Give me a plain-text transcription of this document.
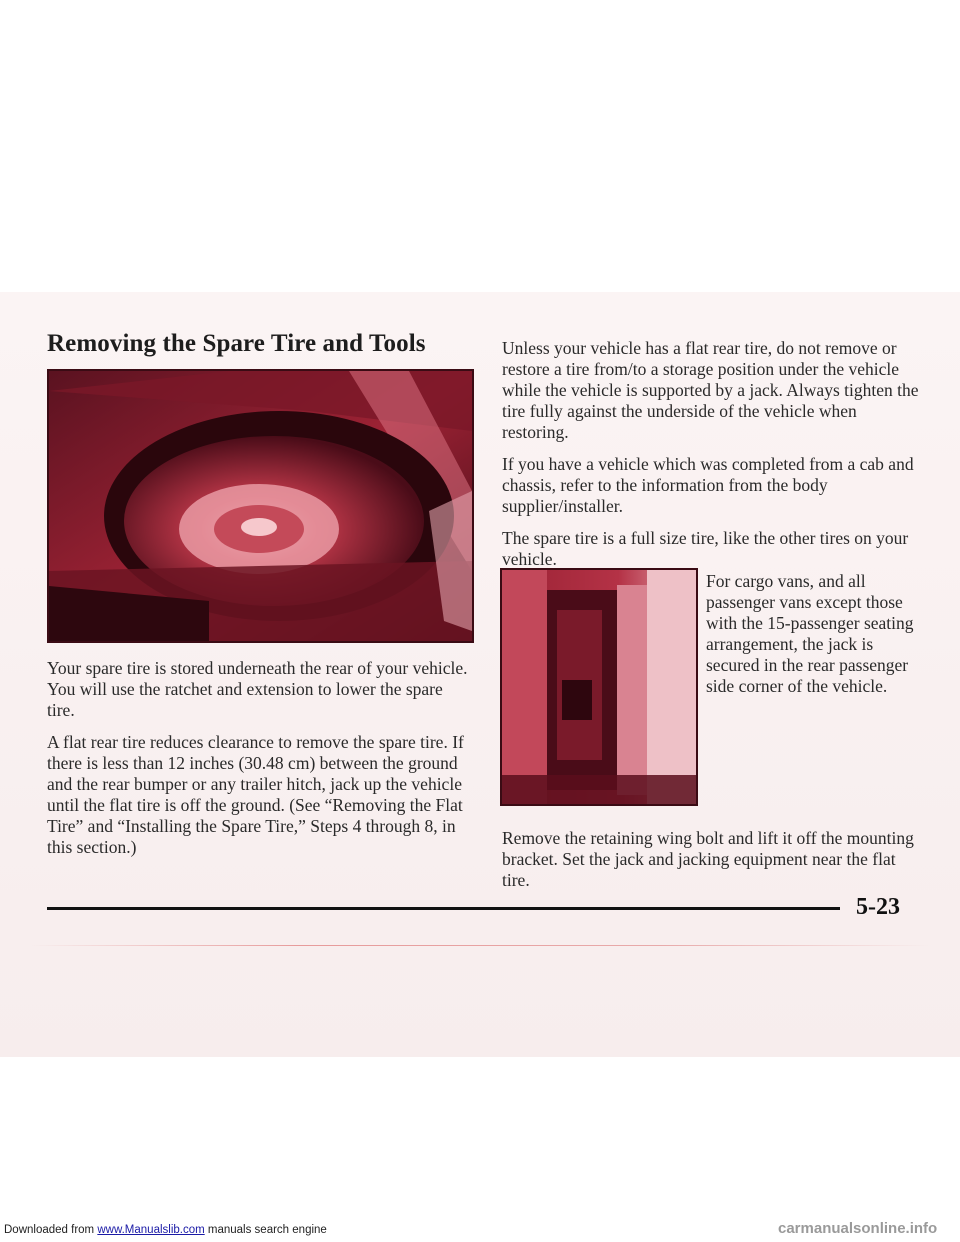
Removing the Spare Tire and Tools

Your spare tire is stored underneath the rear of your vehicle. You will use the ratchet and extension to lower the spare tire.

A flat rear tire reduces clearance to remove the spare tire. If there is less than 12 inches (30.48 cm) between the ground and the rear bumper or any trailer hitch, jack up the vehicle until the flat tire is off the ground. (See “Removing the Flat Tire” and “Installing the Spare Tire,” Steps 4 through 8, in this section.)

Unless your vehicle has a flat rear tire, do not remove or restore a tire from/to a storage position under the vehicle while the vehicle is supported by a jack. Always tighten the tire fully against the underside of the vehicle when restoring.

If you have a vehicle which was completed from a cab and chassis, refer to the information from the body supplier/installer.

The spare tire is a full size tire, like the other tires on your vehicle.

For cargo vans, and all passenger vans except those with the 15-passenger seating arrangement, the jack is secured in the rear passenger side corner of the vehicle.

Remove the retaining wing bolt and lift it off the mounting bracket. Set the jack and jacking equipment near the flat tire.

5-23
Downloaded from www.Manualslib.com manuals search engine	carmanualsonline.info
